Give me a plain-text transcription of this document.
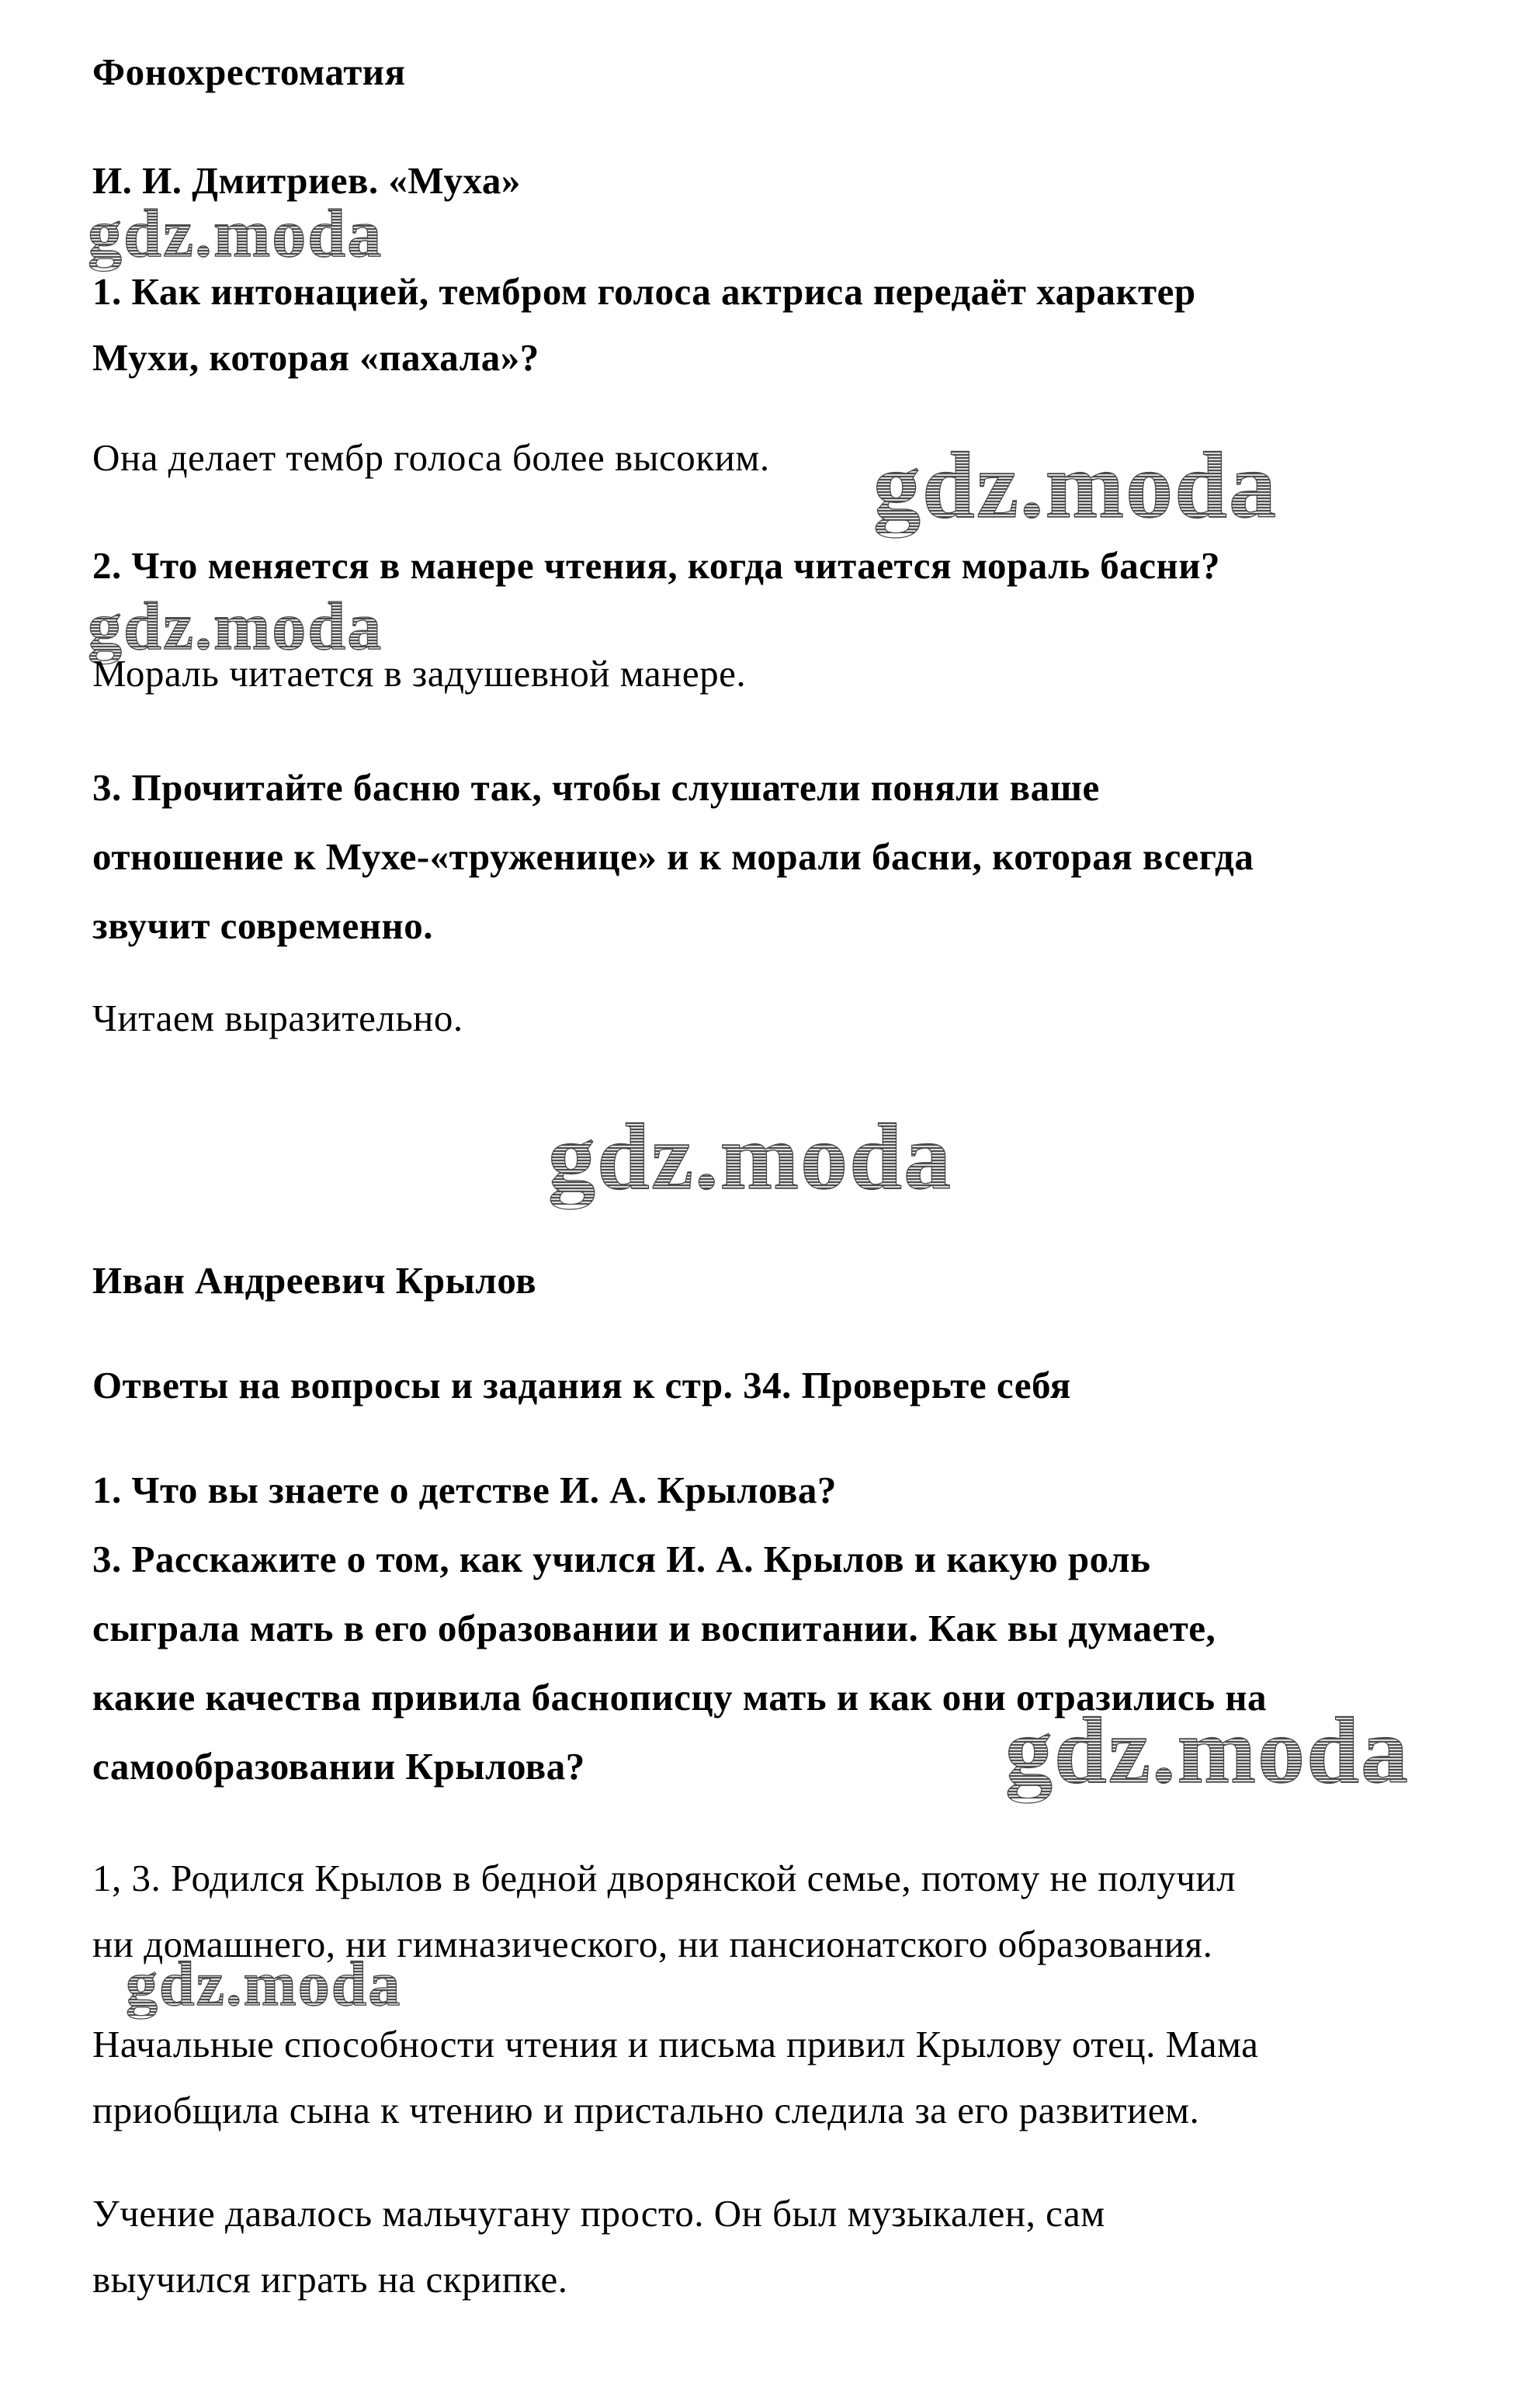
gdz.moda
gdz.moda
gdz.moda
gdz.moda
gdz.moda
gdz.moda
Фонохрестоматия
И. И. Дмитриев. «Муха»
1. Как интонацией, тембром голоса актриса передаёт характер
Мухи, которая «пахала»?
Она делает тембр голоса более высоким.
2. Что меняется в манере чтения, когда читается мораль басни?
Мораль читается в задушевной манере.
3. Прочитайте басню так, чтобы слушатели поняли ваше
отношение к Мухе-«труженице» и к морали басни, которая всегда
звучит современно.
Читаем выразительно.
Иван Андреевич Крылов
Ответы на вопросы и задания к стр. 34. Проверьте себя
1. Что вы знаете о детстве И. А. Крылова?
3. Расскажите о том, как учился И. А. Крылов и какую роль
сыграла мать в его образовании и воспитании. Как вы думаете,
какие качества привила баснописцу мать и как они отразились на
самообразовании Крылова?
1, 3. Родился Крылов в бедной дворянской семье, потому не получил
ни домашнего, ни гимназического, ни пансионатского образования.
Начальные способности чтения и письма привил Крылову отец. Мама
приобщила сына к чтению и пристально следила за его развитием.
Учение давалось мальчугану просто. Он был музыкален, сам
выучился играть на скрипке.
